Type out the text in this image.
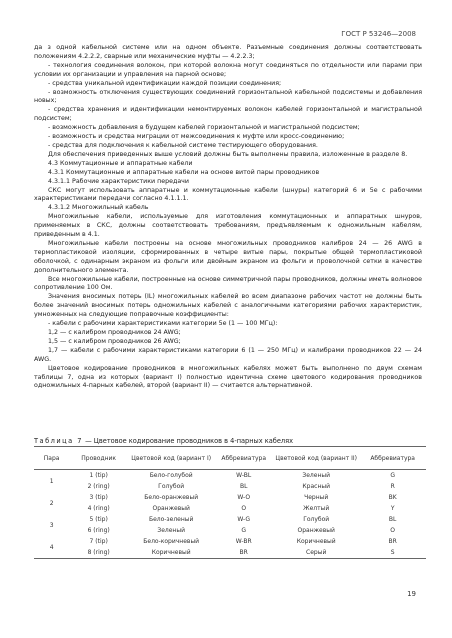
ГОСТ Р 53246—2008

да з одной кабельной системе или на одном объекте. Разъемные соединения должны соответствовать положениям 4.2.2.2, сварные или механические муфты — 4.2.2.3;

- технология соединения волокон, при которой волокна могут соединяться по отдельности или парами при условии их организации и управления на парной основе;

- средства уникальной идентификации каждой позиции соединения;

- возможность отключения существующих соединений горизонтальной кабельной подсистемы и добавления новых;

- средства хранения и идентификации немонтируемых волокон кабелей горизонтальной и магистральной подсистем;

- возможность добавления в будущем кабелей горизонтальной и магистральной подсистем;

- возможность и средства миграции от межсоединения к муфте или кросс-соединению;

- средства для подключения к кабельной системе тестирующего оборудования.

Для обеспечения приведенных выше условий должны быть выполнены правила, изложенные в разделе 8.

4.3 Коммутационные и аппаратные кабели

4.3.1 Коммутационные и аппаратные кабели на основе витой пары проводников

4.3.1.1 Рабочие характеристики передачи

СКС могут использовать аппаратные и коммутационные кабели (шнуры) категорий 6 и 5е с рабочими характеристиками передачи согласно 4.1.1.1.

4.3.1.2 Многожильный кабель

Многожильные кабели, используемые для изготовления коммутационных и аппаратных шнуров, применяемых в СКС, должны соответствовать требованиям, предъявляемым к одножильным кабелям, приведенным в 4.1.

Многожильные кабели построены на основе многожильных проводников калибров 24 — 26 AWG в термопластиковой изоляции, сформированных в четыре витые пары, покрытые общей термопластиковой оболочкой, с одинарным экраном из фольги или двойным экраном из фольги и проволочной сетки в качестве дополнительного элемента.

Все многожильные кабели, построенные на основе симметричной пары проводников, должны иметь волновое сопротивление 100 Ом.

Значения вносимых потерь (IL) многожильных кабелей во всем диапазоне рабочих частот не должны быть более значений вносимых потерь одножильных кабелей с аналогичными категориями рабочих характеристик, умноженных на следующие поправочные коэффициенты:

- кабели с рабочими характеристиками категории 5е (1 — 100 МГц):

1,2 — с калибром проводников 24 AWG;

1,5 — с калибром проводников 26 AWG;

1,7 — кабели с рабочими характеристиками категории 6 (1 — 250 МГц) и калибрами проводников 22 — 24 AWG.

Цветовое кодирование проводников в многожильных кабелях может быть выполнено по двум схемам таблицы 7, одна из которых (вариант I) полностью идентична схеме цветового кодирования проводников одножильных 4-парных кабелей, второй (вариант II) — считается альтернативной.

Таблица 7 — Цветовое кодирование проводников в 4-парных кабелях
Пара	Проводник	Цветовой код (вариант I)	Аббревиатура	Цветовой код (вариант II)	Аббревиатура
1	1 (tip)	Бело-голубой	W-BL	Зеленый	G
	2 (ring)	Голубой	BL	Красный	R
2	3 (tip)	Бело-оранжевый	W-O	Черный	BK
	4 (ring)	Оранжевый	O	Желтый	Y
3	5 (tip)	Бело-зеленый	W-G	Голубой	BL
	6 (ring)	Зеленый	G	Оранжевый	O
4	7 (tip)	Бело-коричневый	W-BR	Коричневый	BR
	8 (ring)	Коричневый	BR	Серый	S
19
